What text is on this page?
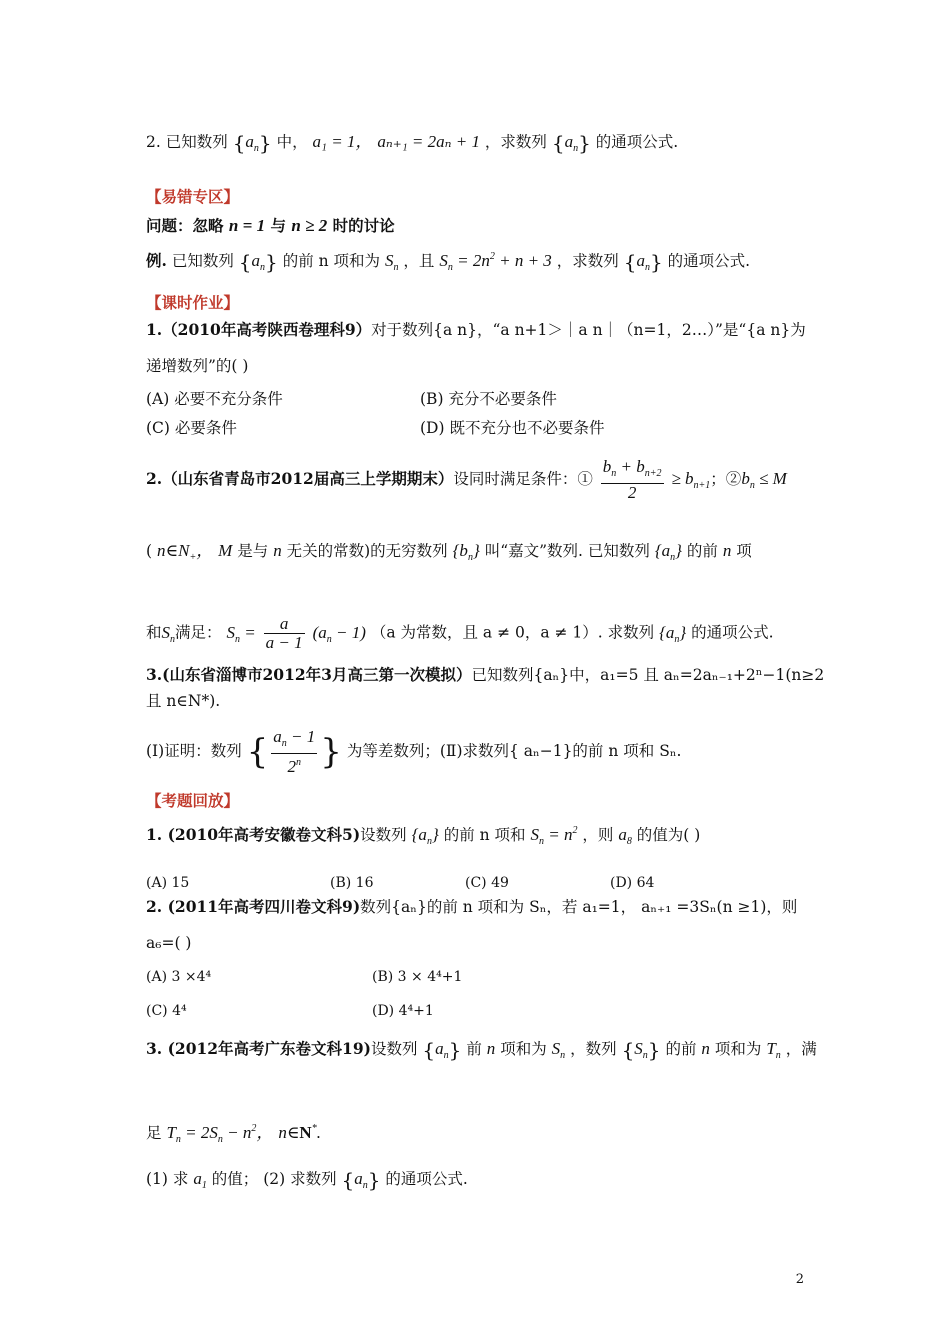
2. 已知数列 $\{a_n\}$ 中， a₁ = 1， aₙ₊₁ = 2aₙ + 1 ，求数列 $\{a_n\}$ 的通项公式.
【易错专区】
问题：忽略 n = 1 与 n ≥ 2 时的讨论
例. 已知数列 $\{a_n\}$ 的前 n 项和为 $S_n$ ，且 $S_n = 2n^2 + n + 3$ ，求数列 $\{a_n\}$ 的通项公式.
【课时作业】
1.（2010年高考陕西卷理科9）对于数列{a n}，“a n+1＞｜a n｜（n=1，2…）”是“{a n}为
递增数列”的( )
(A) 必要不充分条件	(B) 充分不必要条件
(C) 必要条件	(D) 既不充分也不必要条件
2.（山东省青岛市2012届高三上学期期末）设同时满足条件：① $\frac{b_n + b_{n+2}}{2} \ge b_{n+1}$；$②b_n \le M$
( $n\in N_+$， M 是与 n 无关的常数)的无穷数列 $\{b_n\}$ 叫“嘉文”数列. 已知数列 $\{a_n\}$ 的前 n 项
和$S_n$满足： $S_n = \frac{a}{a - 1} (a_n - 1)$ （a 为常数，且 a ≠ 0，a ≠ 1）. 求数列 $\{a_n\}$ 的通项公式.
3.(山东省淄博市2012年3月高三第一次模拟）已知数列{aₙ}中，a₁=5 且 aₙ=2aₙ₋₁+2ⁿ−1(n≥2
且 n∈N*).
(Ⅰ)证明：数列 { $\frac{a_n - 1}{2^n}$ } 为等差数列；(Ⅱ)求数列{ aₙ−1}的前 n 项和 Sₙ.
【考题回放】
1. (2010年高考安徽卷文科5)设数列 $\{a_n\}$ 的前 n 项和 $S_n = n^2$ ，则 $a_8$ 的值为( )
(A) 15	(B) 16	(C) 49	(D) 64
2. (2011年高考四川卷文科9)数列{aₙ}的前 n 项和为 Sₙ，若 a₁=1， aₙ₊₁ =3Sₙ(n ≥1)，则
a₆=( )
(A) 3 ×4⁴	(B) 3 × 4⁴+1
(C) 4⁴	(D) 4⁴+1
3. (2012年高考广东卷文科19)设数列 $\{a_n\}$ 前 n 项和为 $S_n$ ，数列 $\{S_n\}$ 的前 n 项和为 $T_n$ ，满
足 $T_n = 2S_n - n^2$， n∈N*.
(1) 求 $a_1$ 的值； (2) 求数列 $\{a_n\}$ 的通项公式.
2
